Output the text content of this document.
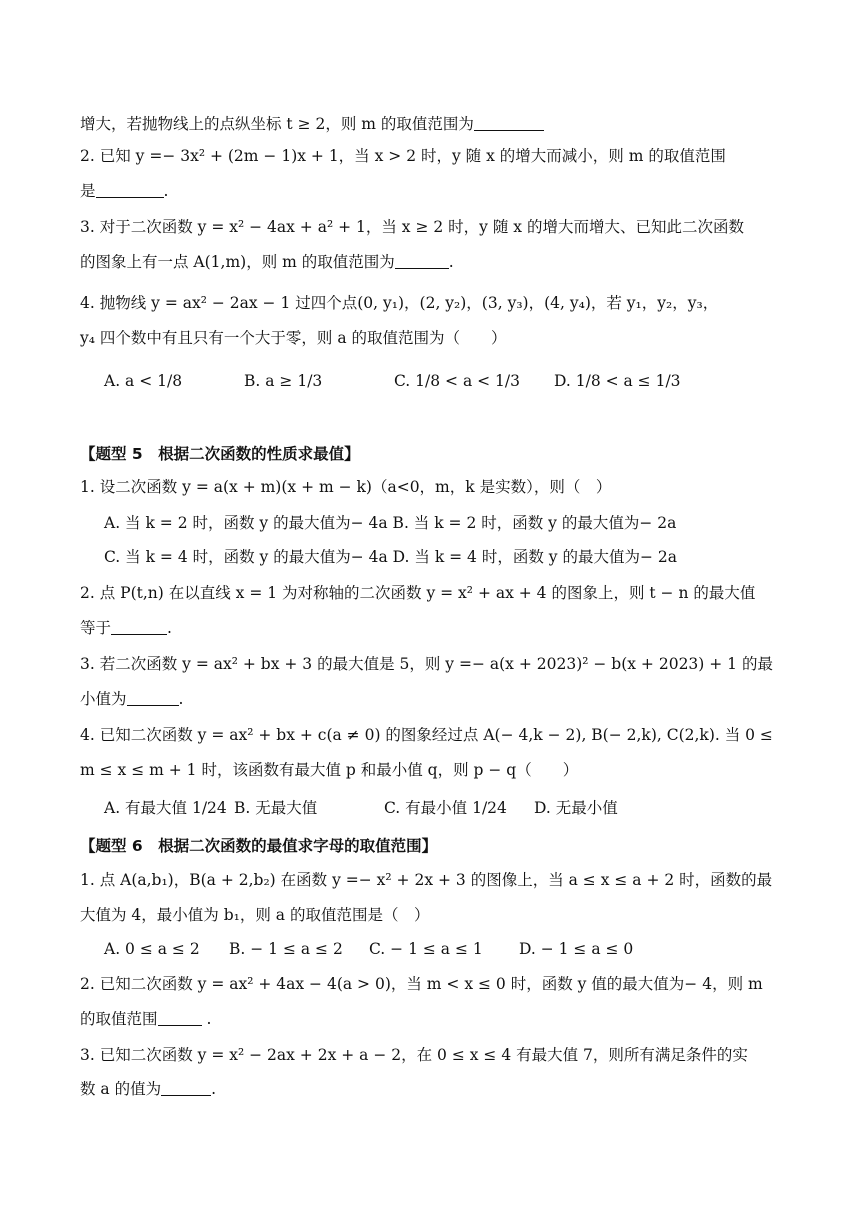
增大，若抛物线上的点纵坐标 t ≥ 2，则 m 的取值范围为
2. 已知 y =− 3x² + (2m − 1)x + 1，当 x > 2 时，y 随 x 的增大而减小，则 m 的取值范围
是	.
3. 对于二次函数 y = x² − 4ax + a² + 1，当 x ≥ 2 时，y 随 x 的增大而增大、已知此二次函数
的图象上有一点 A(1,m)，则 m 的取值范围为	.
4. 抛物线 y = ax² − 2ax − 1 过四个点(0, y₁)，(2, y₂)，(3, y₃)，(4, y₄)，若 y₁，y₂，y₃，
y₄ 四个数中有且只有一个大于零，则 a 的取值范围为（　　）
A. a < 1/8	B. a ≥ 1/3	C. 1/8 < a < 1/3 D. 1/8 < a ≤ 1/3
【题型 5　根据二次函数的性质求最值】
1. 设二次函数 y = a(x + m)(x + m − k)（a<0，m，k 是实数），则（　）
A. 当 k = 2 时，函数 y 的最大值为− 4a B. 当 k = 2 时，函数 y 的最大值为− 2a
C. 当 k = 4 时，函数 y 的最大值为− 4a D. 当 k = 4 时，函数 y 的最大值为− 2a
2. 点 P(t,n) 在以直线 x = 1 为对称轴的二次函数 y = x² + ax + 4 的图象上，则 t − n 的最大值
等于	.
3. 若二次函数 y = ax² + bx + 3 的最大值是 5，则 y =− a(x + 2023)² − b(x + 2023) + 1 的最
小值为	.
4. 已知二次函数 y = ax² + bx + c(a ≠ 0) 的图象经过点 A(− 4,k − 2), B(− 2,k), C(2,k). 当 0 ≤
m ≤ x ≤ m + 1 时，该函数有最大值 p 和最小值 q，则 p − q（　　）
A. 有最大值 1/24 B. 无最大值	C. 有最小值 1/24 D. 无最小值
【题型 6　根据二次函数的最值求字母的取值范围】
1. 点 A(a,b₁)，B(a + 2,b₂) 在函数 y =− x² + 2x + 3 的图像上，当 a ≤ x ≤ a + 2 时，函数的最
大值为 4，最小值为 b₁，则 a 的取值范围是（　）
A. 0 ≤ a ≤ 2 B. − 1 ≤ a ≤ 2 C. − 1 ≤ a ≤ 1 D. − 1 ≤ a ≤ 0
2. 已知二次函数 y = ax² + 4ax − 4(a > 0)，当 m < x ≤ 0 时，函数 y 值的最大值为− 4，则 m
的取值范围	.
3. 已知二次函数 y = x² − 2ax + 2x + a − 2，在 0 ≤ x ≤ 4 有最大值 7，则所有满足条件的实
数 a 的值为	.
